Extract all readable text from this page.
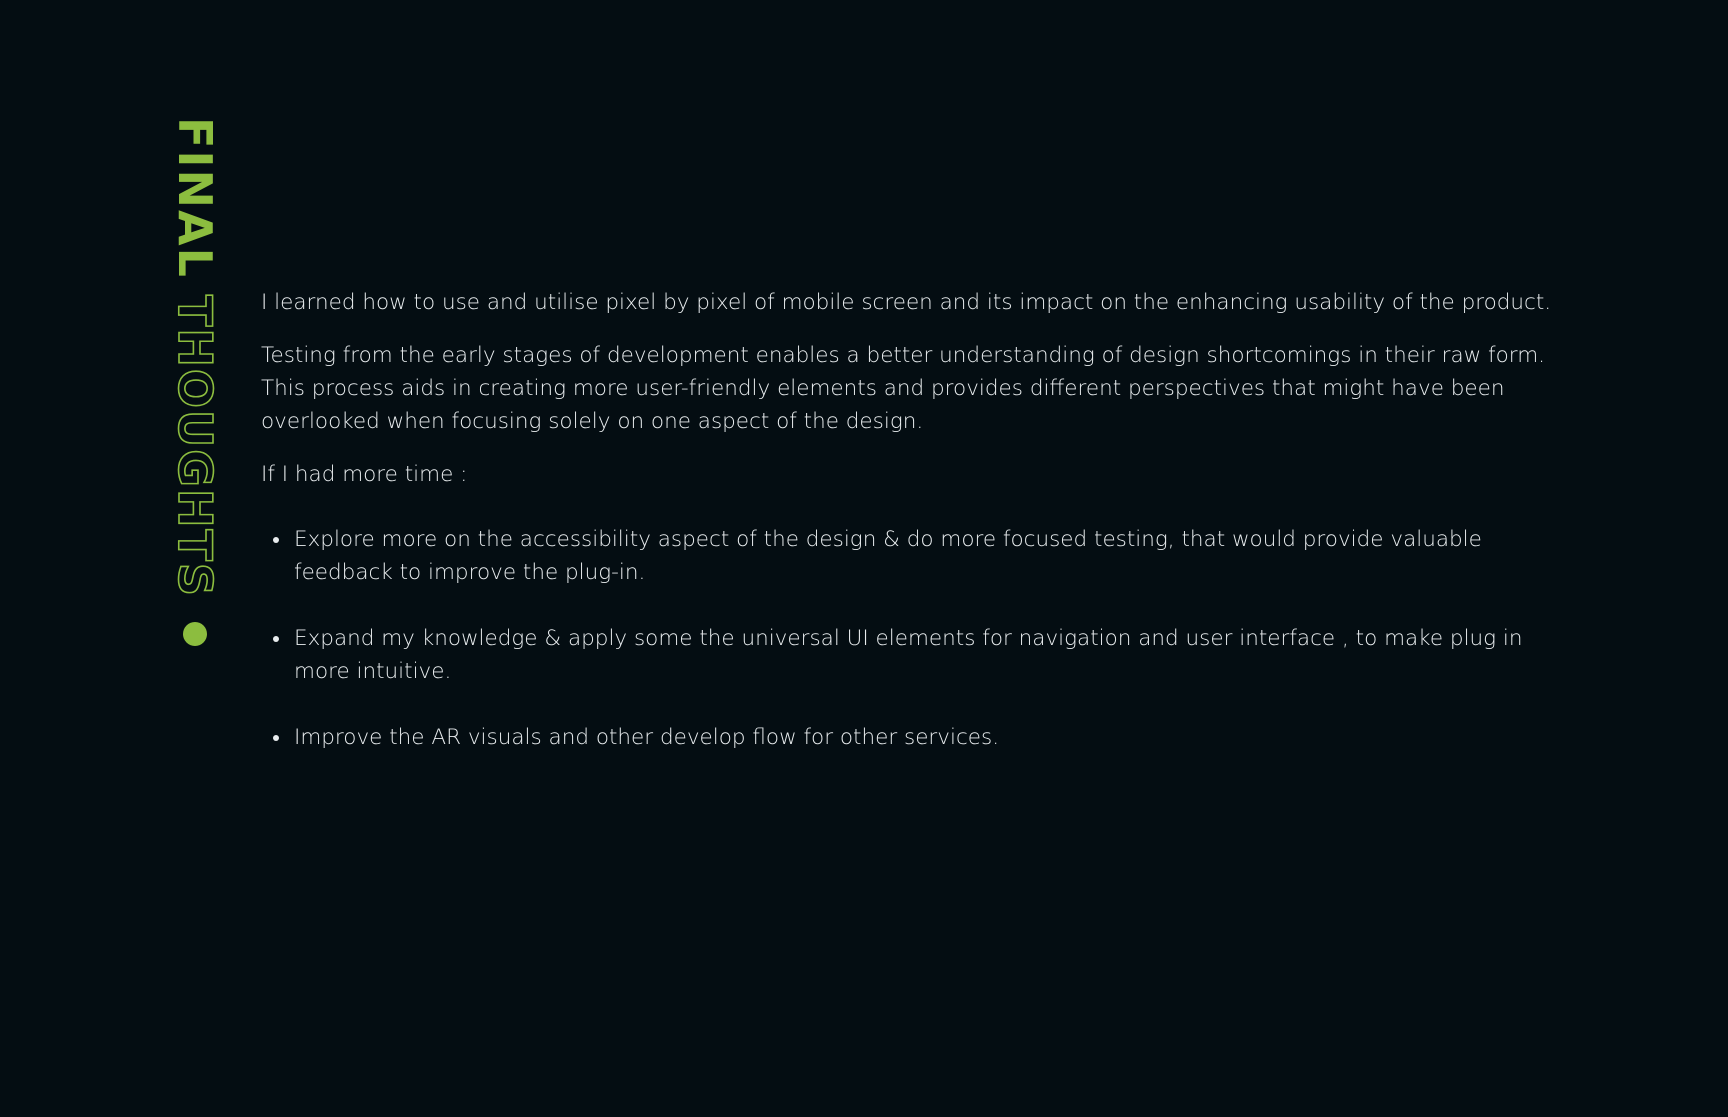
FINAL
THOUGHTS I learned how to use and utilise pixel by pixel of mobile screen and its impact on the enhancing usability of the product.

Testing from the early stages of development enables a better understanding of design shortcomings in their raw form. This process aids in creating more user-friendly elements and provides different perspectives that might have been overlooked when focusing solely on one aspect of the design.

If I had more time :

Explore more on the accessibility aspect of the design & do more focused testing, that would provide valuable feedback to improve the plug-in.
Expand my knowledge & apply some the universal UI elements for navigation and user interface , to make plug in more intuitive.
Improve the AR visuals and other develop flow for other services.
